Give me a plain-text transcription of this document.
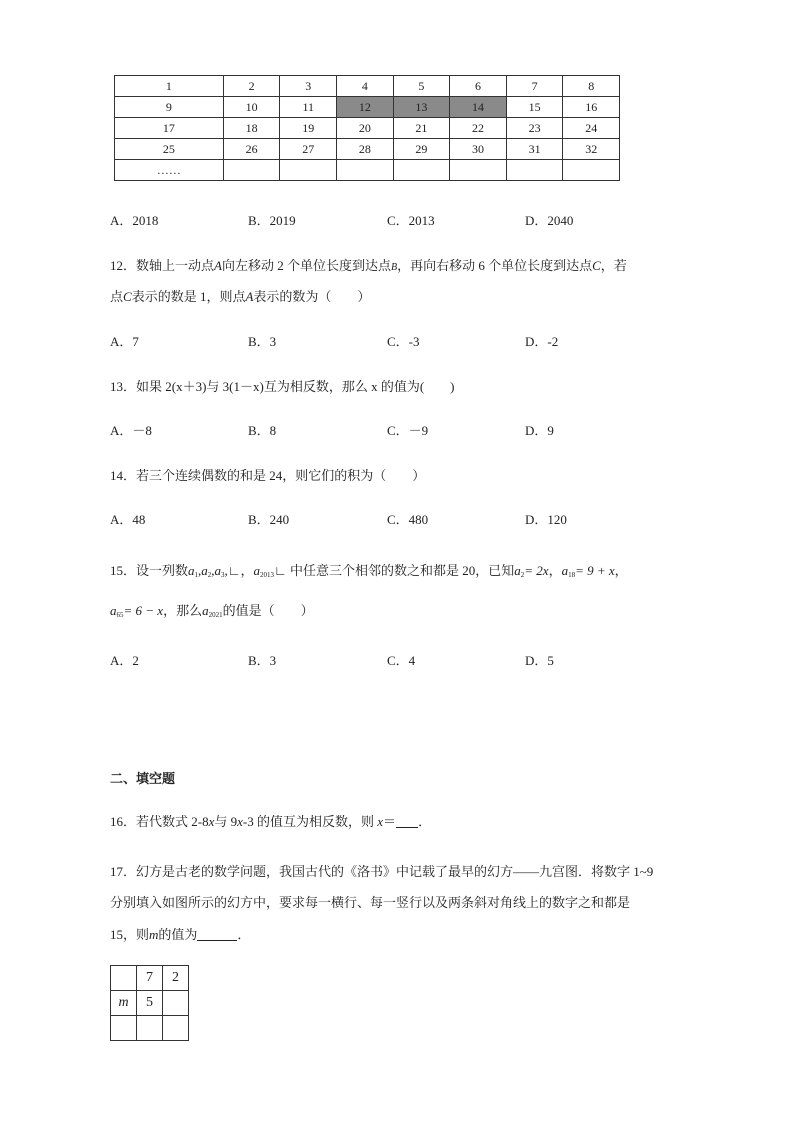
1	2	3	4	5	6	7	8
9	10	11	12	13	14	15	16
17	18	19	20	21	22	23	24
25	26	27	28	29	30	31	32
……							
A．2018	B．2019	C．2013	D．2040
12．数轴上一动点A向左移动 2 个单位长度到达点B，再向右移动 6 个单位长度到达点C，若
点C表示的数是 1，则点A表示的数为（　　）
A．7	B．3	C．-3	D．-2
13．如果 2(x＋3)与 3(1－x)互为相反数，那么 x 的值为(　　)
A．－8	B．8	C．－9	D．9
14．若三个连续偶数的和是 24，则它们的积为（　　）
A．48	B．240	C．480	D．120
15．设一列数$a_1,a_2,a_3,∟$，$a_{2013}∟$ 中任意三个相邻的数之和都是 20，已知$a_2= 2x$，$a_{18}= 9 + x$，
$a_{65}= 6 - x$，那么$a_{2021}$的值是（　　）
A．2	B．3	C．4	D．5
二、填空题
16．若代数式 2-8x与 9x-3 的值互为相反数，则 x＝ ．
17．幻方是古老的数学问题，我国古代的《洛书》中记载了最早的幻方——九宫图．将数字 1~9
分别填入如图所示的幻方中，要求每一横行、每一竖行以及两条斜对角线上的数字之和都是
15，则m的值为	．
	7	2
m	5	
